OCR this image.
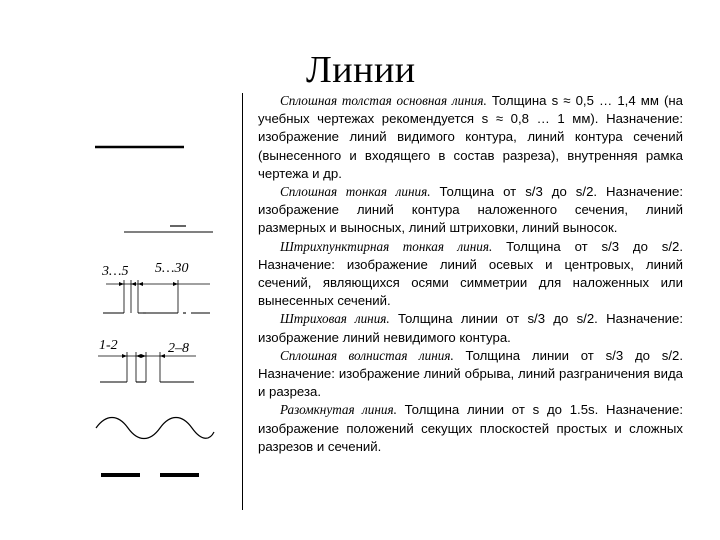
Линии
3…5 5…30
1-2	2–8

Сплошная толстая основная линия. Толщина s ≈ 0,5 … 1,4 мм (на учебных чертежах рекомендуется s ≈ 0,8 … 1 мм). Назначение: изображение линий видимого контура, линий контура сечений (вынесенного и входящего в состав разреза), внутренняя рамка чертежа и др.

Сплошная тонкая линия. Толщина от s/3 до s/2. Назначение: изображение линий контура наложенного сечения, линий размерных и выносных, линий штриховки, линий выносок.

Штрихпунктирная тонкая линия. Толщина от s/3 до s/2. Назначение: изображение линий осевых и центровых, линий сечений, являющихся осями симметрии для наложенных или вынесенных сечений.

Штриховая линия. Толщина линии от s/3 до s/2. Назначение: изображение линий невидимого контура.

Сплошная волнистая линия. Толщина линии от s/3 до s/2. Назначение: изображение линий обрыва, линий разграничения вида и разреза.

Разомкнутая линия. Толщина линии от s до 1.5s. Назначение: изображение положений секущих плоскостей простых и сложных разрезов и сечений.
